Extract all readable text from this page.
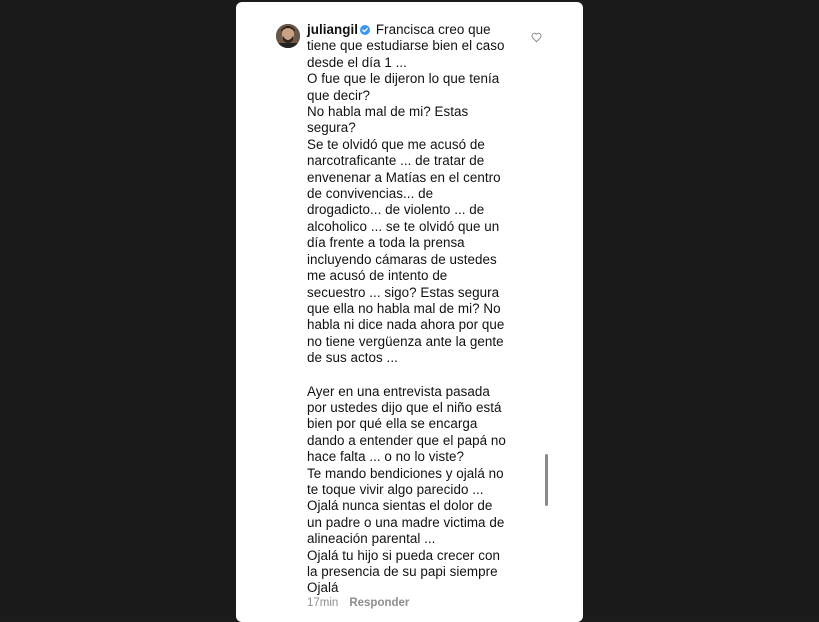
juliangil Francisca creo que
tiene que estudiarse bien el caso
desde el día 1 ...
O fue que le dijeron lo que tenía
que decir?
No habla mal de mi? Estas
segura?
Se te olvidó que me acusó de
narcotraficante ... de tratar de
envenenar a Matías en el centro
de convivencias... de
drogadicto... de violento ... de
alcoholico ... se te olvidó que un
día frente a toda la prensa
incluyendo cámaras de ustedes
me acusó de intento de
secuestro ... sigo? Estas segura
que ella no habla mal de mi? No
habla ni dice nada ahora por que
no tiene vergüenza ante la gente
de sus actos ...
Ayer en una entrevista pasada
por ustedes dijo que el niño está
bien por qué ella se encarga
dando a entender que el papá no
hace falta ... o no lo viste?
Te mando bendiciones y ojalá no
te toque vivir algo parecido ...
Ojalá nunca sientas el dolor de
un padre o una madre victima de
alineación parental ...
Ojalá tu hijo si pueda crecer con
la presencia de su papi siempre
Ojalá
17min Responder
